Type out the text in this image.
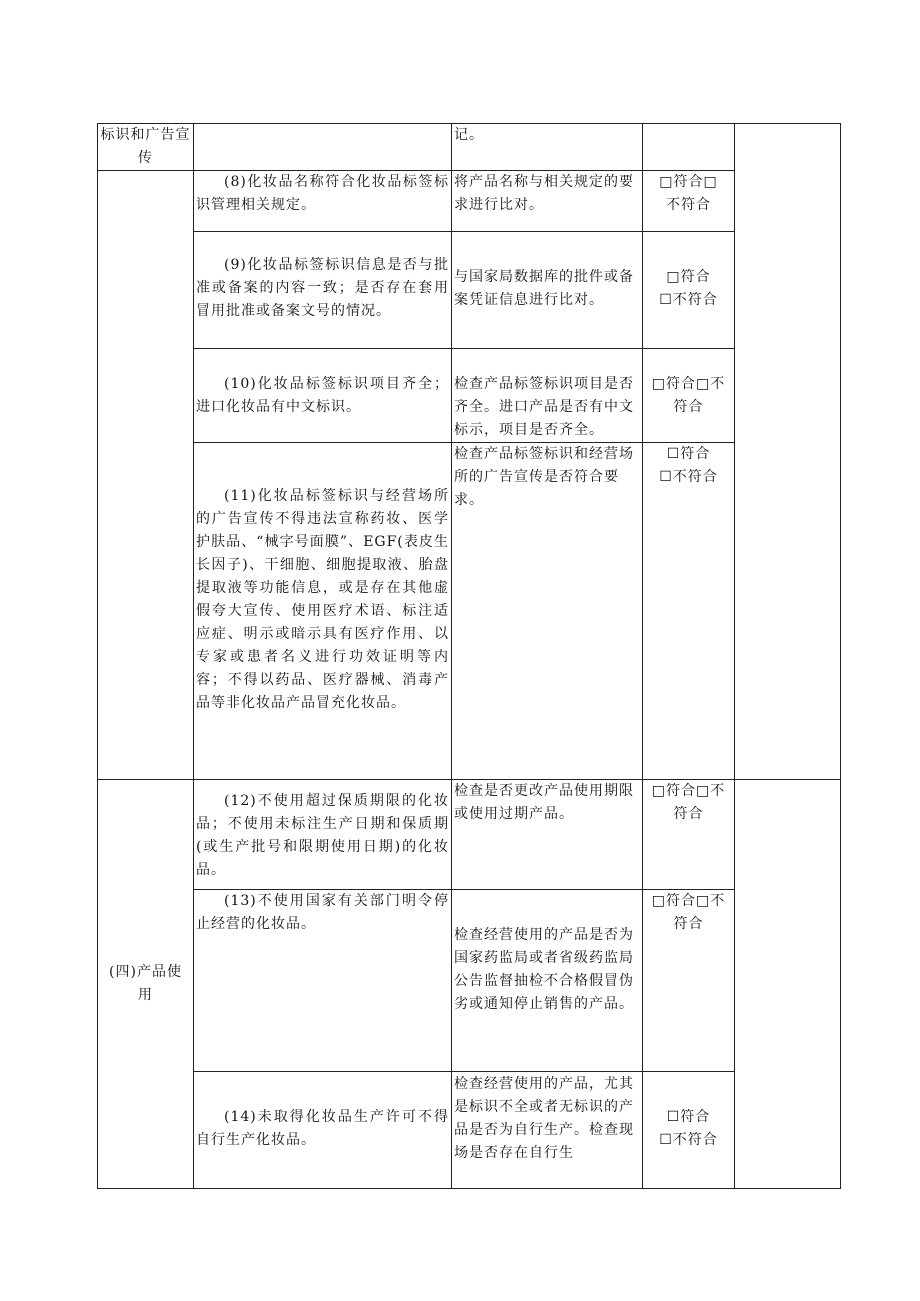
标识和广告宣传		记。		

	(8)化妆品名称符合化妆品标签标识管理相关规定。	将产品名称与相关规定的要求进行比对。	□符合□
不符合	

	(9)化妆品标签标识信息是否与批准或备案的内容一致；是否存在套用冒用批准或备案文号的情况。	与国家局数据库的批件或备案凭证信息进行比对。	□符合
☐不符合	

	(10)化妆品标签标识项目齐全；进口化妆品有中文标识。	检查产品标签标识项目是否齐全。进口产品是否有中文标示，项目是否齐全。	□符合□不
符合	

	(11)化妆品标签标识与经营场所的广告宣传不得违法宣称药妆、医学护肤品、“械字号面膜”、EGF(表皮生长因子)、干细胞、细胞提取液、胎盘提取液等功能信息，或是存在其他虚假夸大宣传、使用医疗术语、标注适应症、明示或暗示具有医疗作用、以专家或患者名义进行功效证明等内容；不得以药品、医疗器械、消毒产品等非化妆品产品冒充化妆品。	检查产品标签标识和经营场所的广告宣传是否符合要求。	☐符合
☐不符合	

(四)产品使用	(12)不使用超过保质期限的化妆品；不使用未标注生产日期和保质期(或生产批号和限期使用日期)的化妆品。	检查是否更改产品使用期限或使用过期产品。	□符合□不
符合	

	(13)不使用国家有关部门明令停止经营的化妆品。	检查经营使用的产品是否为国家药监局或者省级药监局公告监督抽检不合格假冒伪劣或通知停止销售的产品。	□符合□不
符合	

	(14)未取得化妆品生产许可不得自行生产化妆品。	检查经营使用的产品，尤其是标识不全或者无标识的产品是否为自行生产。检查现场是否存在自行生	☐符合
☐不符合	
